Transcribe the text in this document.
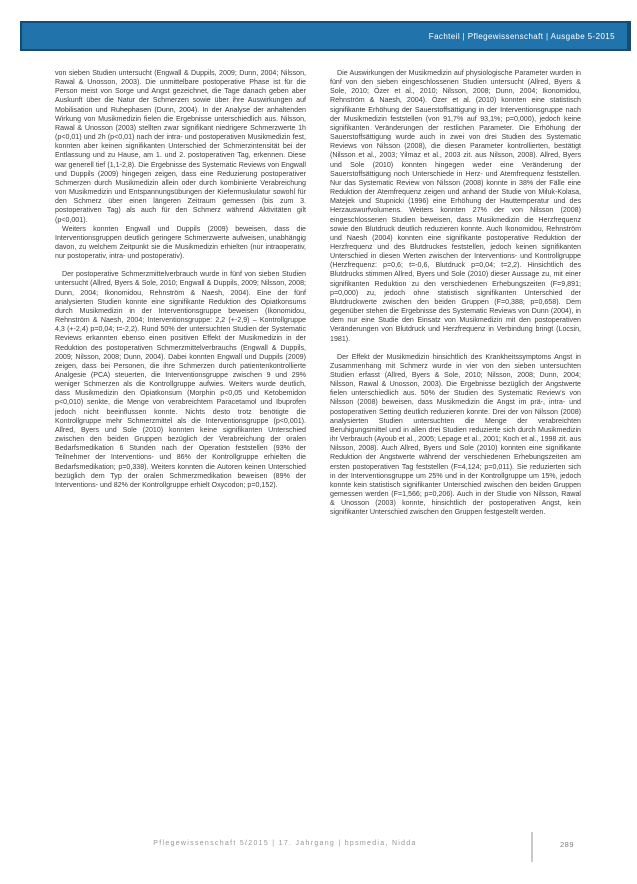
Fachteil | Pflegewissenschaft | Ausgabe 5-2015

von sieben Studien untersucht (Engwall & Duppils, 2009; Dunn, 2004; Nilsson, Rawal & Unosson, 2003). Die unmittelbare postoperative Phase ist für die Person meist von Sorge und Angst gezeichnet, die Tage danach geben aber Auskunft über die Natur der Schmerzen sowie über ihre Auswirkungen auf Mobilisation und Ruhephasen (Dunn, 2004). In der Analyse der anhaltenden Wirkung von Musikmedizin fielen die Ergebnisse unterschiedlich aus. Nilsson, Rawal & Unosson (2003) stellten zwar signifikant niedrigere Schmerzwerte 1h (p<0,01) und 2h (p<0,01) nach der intra- und postoperativen Musikmedizin fest, konnten aber keinen signifikanten Unterschied der Schmerzintensität bei der Entlassung und zu Hause, am 1. und 2. postoperativen Tag, erkennen. Diese war generell tief (1,1-2,8). Die Ergebnisse des Systematic Reviews von Engwall und Duppils (2009) hingegen zeigen, dass eine Reduzierung postoperativer Schmerzen durch Musikmedizin allein oder durch kombinierte Verabreichung von Musikmedizin und Entspannungsübungen der Kiefermuskulatur sowohl für den Schmerz über einen längeren Zeitraum gemessen (bis zum 3. postoperativen Tag) als auch für den Schmerz während Aktivitäten gilt (p<0,001).

Weiters konnten Engwall und Duppils (2009) beweisen, dass die Interventionsgruppen deutlich geringere Schmerzwerte aufweisen, unabhängig davon, zu welchem Zeitpunkt sie die Musikmedizin erhielten (nur intraoperativ, nur postoperativ, intra- und postoperativ).

Der postoperative Schmerzmittelverbrauch wurde in fünf von sieben Studien untersucht (Allred, Byers & Sole, 2010; Engwall & Duppils, 2009; Nilsson, 2008; Dunn, 2004; Ikonomidou, Rehnström & Naesh, 2004). Eine der fünf analysierten Studien konnte eine signifikante Reduktion des Opiatkonsums durch Musikmedizin in der Interventionsgruppe beweisen (Ikonomidou, Rehnström & Naesh, 2004; Interventionsgruppe: 2,2 (+-2,9) – Kontrollgruppe 4,3 (+-2,4) p=0,04; t=-2,2). Rund 50% der untersuchten Studien der Systematic Reviews erkannten ebenso einen positiven Effekt der Musikmedizin in der Reduktion des postoperativen Schmerzmittelverbrauchs (Engwall & Duppils, 2009; Nilsson, 2008; Dunn, 2004). Dabei konnten Engwall und Duppils (2009) zeigen, dass bei Personen, die ihre Schmerzen durch patientenkontrollierte Analgesie (PCA) steuerten, die Interventionsgruppe zwischen 9 und 29% weniger Schmerzen als die Kontrollgruppe aufwies. Weiters wurde deutlich, dass Musikmedizin den Opiatkonsum (Morphin p<0,05 und Ketobemidon p<0,010) senkte, die Menge von verabreichtem Paracetamol und Ibuprofen jedoch nicht beeinflussen konnte. Nichts desto trotz benötigte die Kontrollgruppe mehr Schmerzmittel als die Interventionsgruppe (p<0,001). Allred, Byers und Sole (2010) konnten keine signifikanten Unterschied zwischen den beiden Gruppen bezüglich der Verabreichung der oralen Bedarfsmedikation 6 Stunden nach der Operation feststellen (93% der Teilnehmer der Interventions- und 86% der Kontrollgruppe erhielten die Bedarfsmedikation; p=0,338). Weiters konnten die Autoren keinen Unterschied bezüglich dem Typ der oralen Schmerzmedikation beweisen (89% der Interventions- und 82% der Kontrollgruppe erhielt Oxycodon; p=0,152).

Die Auswirkungen der Musikmedizin auf physiologische Parameter wurden in fünf von den sieben eingeschlossenen Studien untersucht (Allred, Byers & Sole, 2010; Özer et al., 2010; Nilsson, 2008; Dunn, 2004; Ikonomidou, Rehnström & Naesh, 2004). Özer et al. (2010) konnten eine statistisch signifikante Erhöhung der Sauerstoffsättigung in der Interventionsgruppe nach der Musikmedizin feststellen (von 91,7% auf 93,1%; p=0,000), jedoch keine signifikanten Veränderungen der restlichen Parameter. Die Erhöhung der Sauerstoffsättigung wurde auch in zwei von drei Studien des Systematic Reviews von Nilsson (2008), die diesen Parameter kontrollierten, bestätigt (Nilsson et al., 2003; Yilmaz et al., 2003 zit. aus Nilsson, 2008). Allred, Byers und Sole (2010) konnten hingegen weder eine Veränderung der Sauerstoffsättigung noch Unterschiede in Herz- und Atemfrequenz feststellen. Nur das Systematic Review von Nilsson (2008) konnte in 38% der Fälle eine Reduktion der Atemfrequenz zeigen und anhand der Studie von Miluk-Kolasa, Matejek und Stupnicki (1996) eine Erhöhung der Hauttemperatur und des Herzauswurfvolumens. Weiters konnten 27% der von Nilsson (2008) eingeschlossenen Studien beweisen, dass Musikmedizin die Herzfrequenz sowie den Blutdruck deutlich reduzieren konnte. Auch Ikonomidou, Rehnström und Naesh (2004) konnten eine signifikante postoperative Reduktion der Herzfrequenz und des Blutdruckes feststellen, jedoch keinen signifikanten Unterschied in diesen Werten zwischen der Interventions- und Kontrollgruppe (Herzfrequenz: p=0,6; t=-0,6, Blutdruck p=0,04; t=2,2). Hinsichtlich des Blutdrucks stimmen Allred, Byers und Sole (2010) dieser Aussage zu, mit einer signifikanten Reduktion zu den verschiedenen Erhebungszeiten (F=9,891; p=0,000) zu, jedoch ohne statistisch signifikanten Unterschied der Blutdruckwerte zwischen den beiden Gruppen (F=0,388; p=0,658). Dem gegenüber stehen die Ergebnisse des Systematic Reviews von Dunn (2004), in dem nur eine Studie den Einsatz von Musikmedizin mit den postoperativen Veränderungen von Blutdruck und Herzfrequenz in Verbindung bringt (Locsin, 1981).

Der Effekt der Musikmedizin hinsichtlich des Krankheitssymptoms Angst in Zusammenhang mit Schmerz wurde in vier von den sieben untersuchten Studien erfasst (Allred, Byers & Sole, 2010; Nilsson, 2008; Dunn, 2004; Nilsson, Rawal & Unosson, 2003). Die Ergebnisse bezüglich der Angstwerte fielen unterschiedlich aus. 50% der Studien des Systematic Review's von Nilsson (2008) beweisen, dass Musikmedizin die Angst im prä-, intra- und postoperativen Setting deutlich reduzieren konnte. Drei der von Nilsson (2008) analysierten Studien untersuchten die Menge der verabreichten Beruhigungsmittel und in allen drei Studien reduzierte sich durch Musikmedizin ihr Verbrauch (Ayoub et al., 2005; Lepage et al., 2001; Koch et al., 1998 zit. aus Nilsson, 2008). Auch Allred, Byers und Sole (2010) konnten eine signifikante Reduktion der Angstwerte während der verschiedenen Erhebungszeiten am ersten postoperativen Tag feststellen (F=4,124; p=0,011). Sie reduzierten sich in der Interventionsgruppe um 25% und in der Kontrollgruppe um 15%, jedoch konnte kein statistisch signifikanter Unterschied zwischen den beiden Gruppen gemessen werden (F=1,566; p=0,206). Auch in der Studie von Nilsson, Rawal & Unosson (2003) konnte, hinsichtlich der postoperativen Angst, kein signifikanter Unterschied zwischen den Gruppen festgestellt werden.

Pflegewissenschaft 5/2015 | 17. Jahrgang | hpsmedia, Nidda	289
